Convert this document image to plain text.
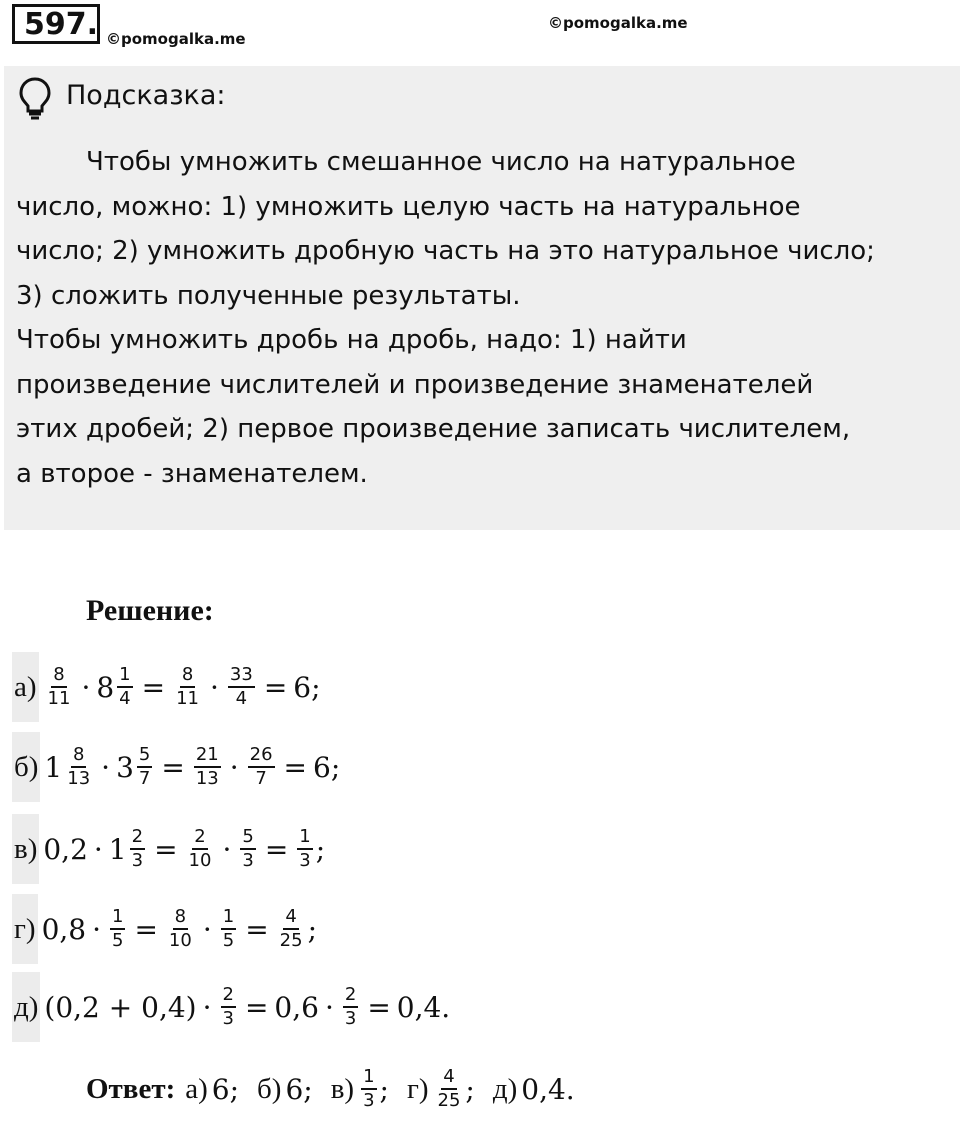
597. ©pomogalka.me
©pomogalka.me
Подсказка:

Чтобы умножить смешанное число на натуральное

число, можно: 1) умножить целую часть на натуральное

число; 2) умножить дробную часть на это натуральное число;

3) сложить полученные результаты.

Чтобы умножить дробь на дробь, надо: 1) найти

произведение числителей и произведение знаменателей

этих дробей; 2) первое произведение записать числителем,

а второе - знаменателем.

Решение:
$а) \frac{8}{11} \cdot 8 \frac{1}{4} = \frac{8}{11} \cdot \frac{33}{4} = 6$;
б) $1 \frac{8}{13} \cdot 3 \frac{5}{7} = \frac{21}{13} \cdot \frac{26}{7} = 6$;
в) $0,2 \cdot 1 \frac{2}{3} = \frac{2}{10} \cdot \frac{5}{3} = \frac{1}{3}$ ;
г) $0,8 \cdot \frac{1}{5} = \frac{8}{10} \cdot \frac{1}{5} = \frac{4}{25}$ ;
д) $(0,2 + 0,4) \cdot \frac{2}{3} = 0,6 \cdot \frac{2}{3} = 0,4$.
Ответ: а) 6; б) 6; $в) \frac{1}{3}$ ; $г) \frac{4}{25}$ ; д) 0,4.
